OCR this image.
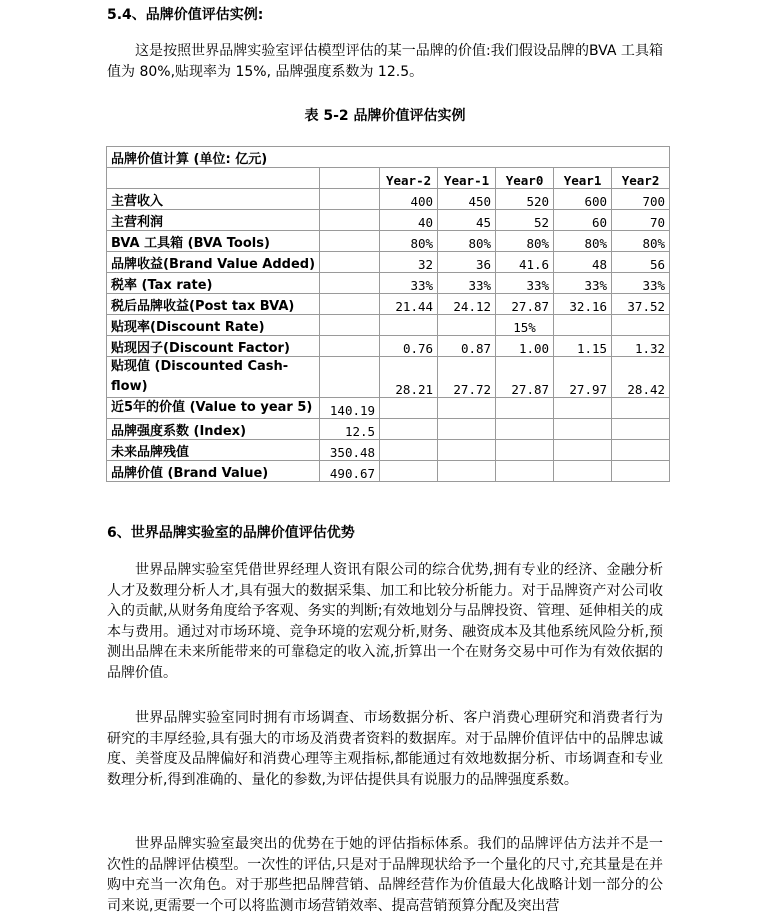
5.4、品牌价值评估实例:

这是按照世界品牌实验室评估模型评估的某一品牌的价值:我们假设品牌的BVA 工具箱值为 80%,贴现率为 15%, 品牌强度系数为 12.5。

表 5-2 品牌价值评估实例
品牌价值计算 (单位: 亿元)						
		Year-2	Year-1	Year0	Year1	Year2
主营收入		400	450	520	600	700
主营利润		40	45	52	60	70
BVA 工具箱 (BVA Tools)		80%	80%	80%	80%	80%
品牌收益(Brand Value Added)		32	36	41.6	48	56
税率 (Tax rate)		33%	33%	33%	33%	33%
税后品牌收益(Post tax BVA)		21.44	24.12	27.87	32.16	37.52
贴现率(Discount Rate)				15%		
贴现因子(Discount Factor)		0.76	0.87	1.00	1.15	1.32
贴现值 (Discounted Cash-flow)		28.21	27.72	27.87	27.97	28.42
近5年的价值 (Value to year 5)	140.19					
品牌强度系数 (Index)	12.5					
未来品牌残值	350.48					
品牌价值 (Brand Value)	490.67					
6、世界品牌实验室的品牌价值评估优势

世界品牌实验室凭借世界经理人资讯有限公司的综合优势,拥有专业的经济、金融分析人才及数理分析人才,具有强大的数据采集、加工和比较分析能力。对于品牌资产对公司收入的贡献,从财务角度给予客观、务实的判断;有效地划分与品牌投资、管理、延伸相关的成本与费用。通过对市场环境、竞争环境的宏观分析,财务、融资成本及其他系统风险分析,预测出品牌在未来所能带来的可靠稳定的收入流,折算出一个在财务交易中可作为有效依据的品牌价值。

世界品牌实验室同时拥有市场调查、市场数据分析、客户消费心理研究和消费者行为研究的丰厚经验,具有强大的市场及消费者资料的数据库。对于品牌价值评估中的品牌忠诚度、美誉度及品牌偏好和消费心理等主观指标,都能通过有效地数据分析、市场调查和专业数理分析,得到准确的、量化的参数,为评估提供具有说服力的品牌强度系数。

世界品牌实验室最突出的优势在于她的评估指标体系。我们的品牌评估方法并不是一次性的品牌评估模型。一次性的评估,只是对于品牌现状给予一个量化的尺寸,充其量是在并购中充当一次角色。对于那些把品牌营销、品牌经营作为价值最大化战略计划一部分的公司来说,更需要一个可以将监测市场营销效率、提高营销预算分配及突出营
